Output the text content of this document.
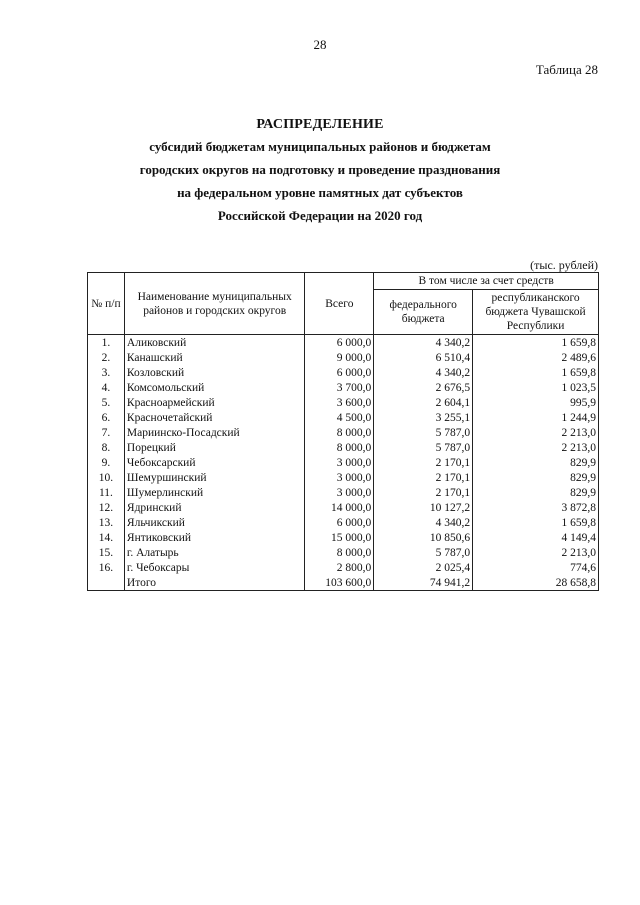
28
Таблица 28
РАСПРЕДЕЛЕНИЕ
субсидий бюджетам муниципальных районов и бюджетам
городских округов на подготовку и проведение празднования
на федеральном уровне памятных дат субъектов
Российской Федерации на 2020 год
(тыс. рублей)
№ п/п	Наименование муниципальных районов и городских округов	Всего	В том числе за счет средств	
			федерального бюджета	республиканского бюджета Чувашской Республики
1.	Аликовский	6 000,0	4 340,2	1 659,8
2.	Канашский	9 000,0	6 510,4	2 489,6
3.	Козловский	6 000,0	4 340,2	1 659,8
4.	Комсомольский	3 700,0	2 676,5	1 023,5
5.	Красноармейский	3 600,0	2 604,1	995,9
6.	Красночетайский	4 500,0	3 255,1	1 244,9
7.	Мариинско-Посадский	8 000,0	5 787,0	2 213,0
8.	Порецкий	8 000,0	5 787,0	2 213,0
9.	Чебоксарский	3 000,0	2 170,1	829,9
10.	Шемуршинский	3 000,0	2 170,1	829,9
11.	Шумерлинский	3 000,0	2 170,1	829,9
12.	Ядринский	14 000,0	10 127,2	3 872,8
13.	Яльчикский	6 000,0	4 340,2	1 659,8
14.	Янтиковский	15 000,0	10 850,6	4 149,4
15.	г. Алатырь	8 000,0	5 787,0	2 213,0
16.	г. Чебоксары	2 800,0	2 025,4	774,6
	Итого	103 600,0	74 941,2	28 658,8
